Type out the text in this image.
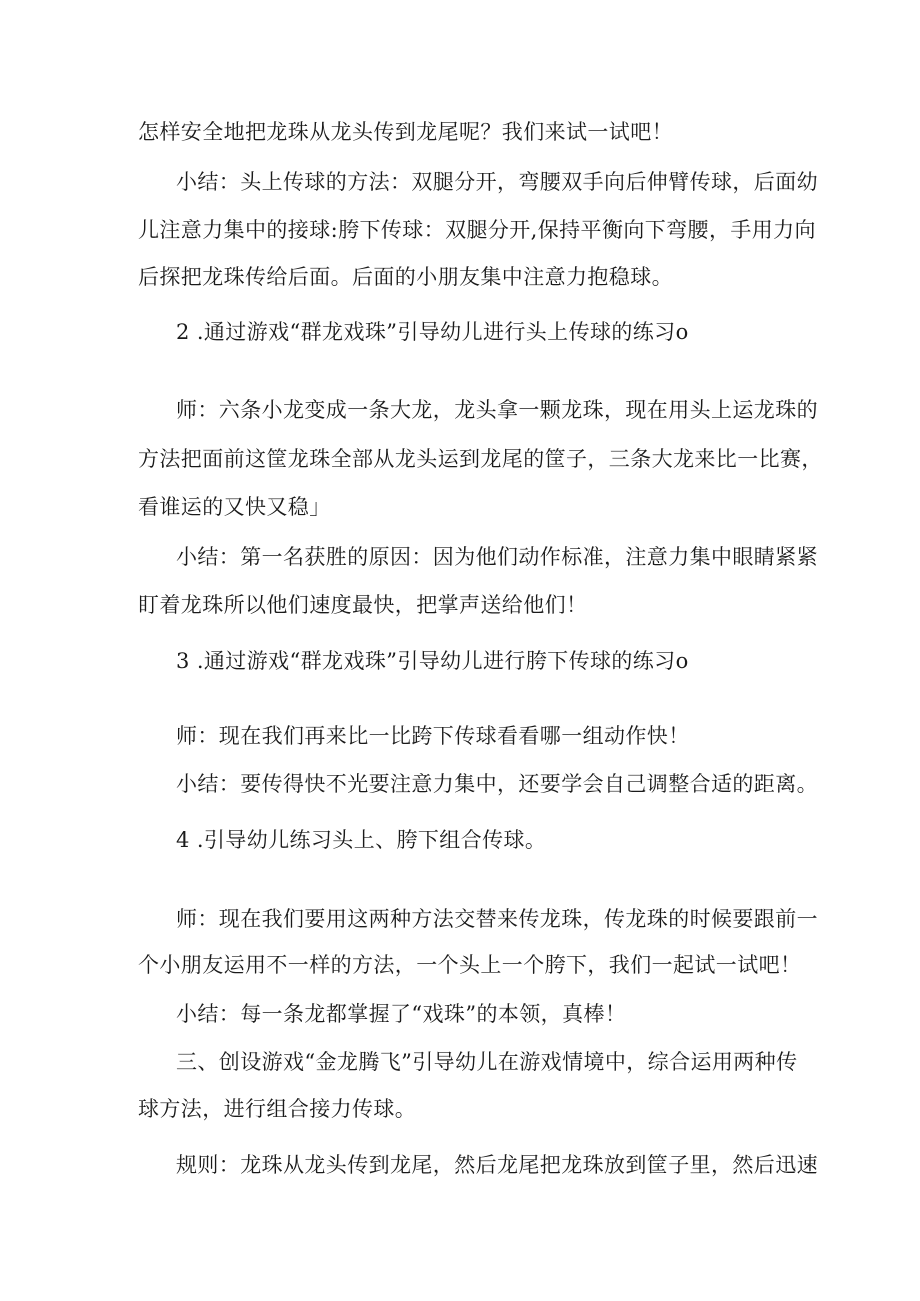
怎样安全地把龙珠从龙头传到龙尾呢？我们来试一试吧！
小结：头上传球的方法：双腿分开，弯腰双手向后伸臂传球，后面幼
儿注意力集中的接球:胯下传球：双腿分开,保持平衡向下弯腰，手用力向
后探把龙珠传给后面。后面的小朋友集中注意力抱稳球。
2 .通过游戏“群龙戏珠”引导幼儿进行头上传球的练习o
师：六条小龙变成一条大龙，龙头拿一颗龙珠，现在用头上运龙珠的
方法把面前这筐龙珠全部从龙头运到龙尾的筐子，三条大龙来比一比赛，
看谁运的又快又稳」
小结：第一名获胜的原因：因为他们动作标准，注意力集中眼睛紧紧
盯着龙珠所以他们速度最快，把掌声送给他们！
3 .通过游戏“群龙戏珠”引导幼儿进行胯下传球的练习o
师：现在我们再来比一比跨下传球看看哪一组动作快！
小结：要传得快不光要注意力集中，还要学会自己调整合适的距离。
4 .引导幼儿练习头上、胯下组合传球。
师：现在我们要用这两种方法交替来传龙珠，传龙珠的时候要跟前一
个小朋友运用不一样的方法，一个头上一个胯下，我们一起试一试吧！
小结：每一条龙都掌握了“戏珠”的本领，真棒！
三、创设游戏“金龙腾飞”引导幼儿在游戏情境中，综合运用两种传
球方法，进行组合接力传球。
规则：龙珠从龙头传到龙尾，然后龙尾把龙珠放到筐子里，然后迅速
